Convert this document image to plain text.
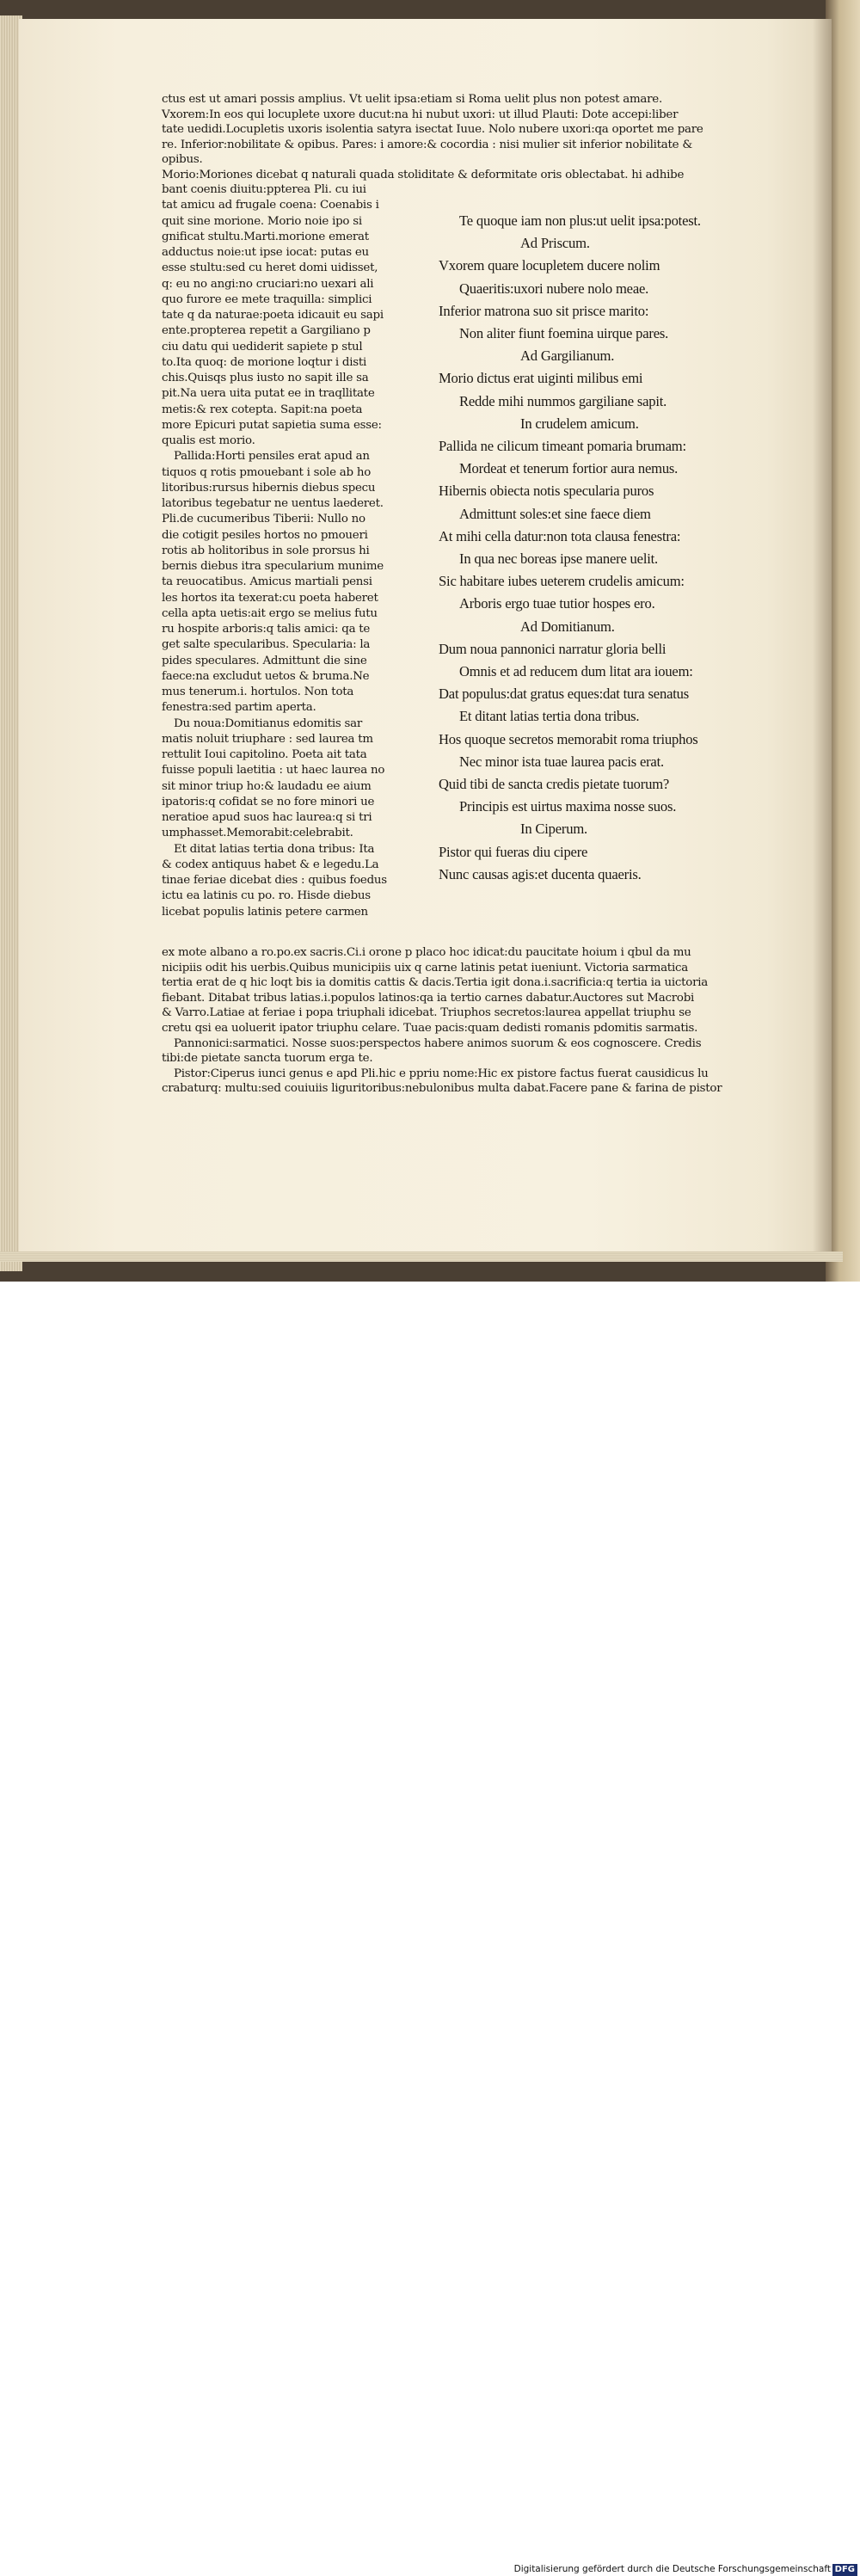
ctus est ut amari possis amplius. Vt uelit ipsa:etiam si Roma uelit plus non potest amare.
Vxorem:In eos qui locuplete uxore ducut:na hi nubut uxori: ut illud Plauti: Dote accepi:liber
tate uedidi.Locupletis uxoris isolentia satyra isectat Iuue. Nolo nubere uxori:qa oportet me pare
re. Inferior:nobilitate & opibus. Pares: i amore:& cocordia : nisi mulier sit inferior nobilitate &
opibus.
Morio:Moriones dicebat q naturali quada stoliditate & deformitate oris oblectabat. hi adhibe
bant coenis diuitu:ppterea Pli. cu iui
tat amicu ad frugale coena: Coenabis i
quit sine morione. Morio noie ipo si
gnificat stultu.Marti.morione emerat
adductus noie:ut ipse iocat: putas eu
esse stultu:sed cu heret domi uidisset,
q: eu no angi:no cruciari:no uexari ali
quo furore ee mete traquilla: simplici
tate q da naturae:poeta idicauit eu sapi
ente.propterea repetit a Gargiliano p
ciu datu qui uediderit sapiete p stul
to.Ita quoq: de morione loqtur i disti
chis.Quisqs plus iusto no sapit ille sa
pit.Na uera uita putat ee in traqllitate
metis:& rex cotepta. Sapit:na poeta
more Epicuri putat sapietia suma esse:
qualis est morio.
Pallida:Horti pensiles erat apud an
tiquos q rotis pmouebant i sole ab ho
litoribus:rursus hibernis diebus specu
latoribus tegebatur ne uentus laederet.
Pli.de cucumeribus Tiberii: Nullo no
die cotigit pesiles hortos no pmoueri
rotis ab holitoribus in sole prorsus hi
bernis diebus itra specularium munime
ta reuocatibus. Amicus martiali pensi
les hortos ita texerat:cu poeta haberet
cella apta uetis:ait ergo se melius futu
ru hospite arboris:q talis amici: qa te
get salte specularibus. Specularia: la
pides speculares. Admittunt die sine
faece:na excludut uetos & bruma.Ne
mus tenerum.i. hortulos. Non tota
fenestra:sed partim aperta.
Du noua:Domitianus edomitis sar
matis noluit triuphare : sed laurea tm
rettulit Ioui capitolino. Poeta ait tata
fuisse populi laetitia : ut haec laurea no
sit minor triup ho:& laudadu ee aium
ipatoris:q cofidat se no fore minori ue
neratioe apud suos hac laurea:q si tri
umphasset.Memorabit:celebrabit.
Et ditat latias tertia dona tribus: Ita
& codex antiquus habet & e legedu.La
tinae feriae dicebat dies : quibus foedus
ictu ea latinis cu po. ro. Hisde diebus
licebat populis latinis petere carmen
Te quoque iam non plus:ut uelit ipsa:potest.
Ad Priscum.
Vxorem quare locupletem ducere nolim
Quaeritis:uxori nubere nolo meae.
Inferior matrona suo sit prisce marito:
Non aliter fiunt foemina uirque pares.
Ad Gargilianum.
Morio dictus erat uiginti milibus emi
Redde mihi nummos gargiliane sapit.
In crudelem amicum.
Pallida ne cilicum timeant pomaria brumam:
Mordeat et tenerum fortior aura nemus.
Hibernis obiecta notis specularia puros
Admittunt soles:et sine faece diem
At mihi cella datur:non tota clausa fenestra:
In qua nec boreas ipse manere uelit.
Sic habitare iubes ueterem crudelis amicum:
Arboris ergo tuae tutior hospes ero.
Ad Domitianum.
Dum noua pannonici narratur gloria belli
Omnis et ad reducem dum litat ara iouem:
Dat populus:dat gratus eques:dat tura senatus
Et ditant latias tertia dona tribus.
Hos quoque secretos memorabit roma triuphos
Nec minor ista tuae laurea pacis erat.
Quid tibi de sancta credis pietate tuorum?
Principis est uirtus maxima nosse suos.
In Ciperum.
Pistor qui fueras diu cipere
Nunc causas agis:et ducenta quaeris.
ex mote albano a ro.po.ex sacris.Ci.i orone p placo hoc idicat:du paucitate hoium i qbul da mu
nicipiis odit his uerbis.Quibus municipiis uix q carne latinis petat iueniunt. Victoria sarmatica
tertia erat de q hic loqt bis ia domitis cattis & dacis.Tertia igit dona.i.sacrificia:q tertia ia uictoria
fiebant. Ditabat tribus latias.i.populos latinos:qa ia tertio carnes dabatur.Auctores sut Macrobi
& Varro.Latiae at feriae i popa triuphali idicebat. Triuphos secretos:laurea appellat triuphu se
cretu qsi ea uoluerit ipator triuphu celare. Tuae pacis:quam dedisti romanis pdomitis sarmatis.
Pannonici:sarmatici. Nosse suos:perspectos habere animos suorum & eos cognoscere. Credis
tibi:de pietate sancta tuorum erga te.
Pistor:Ciperus iunci genus e apd Pli.hic e ppriu nome:Hic ex pistore factus fuerat causidicus lu
crabaturq: multu:sed couiuiis liguritoribus:nebulonibus multa dabat.Facere pane & farina de pistor
Digitalisierung gefördert durch die Deutsche Forschungsgemeinschaft DFG
